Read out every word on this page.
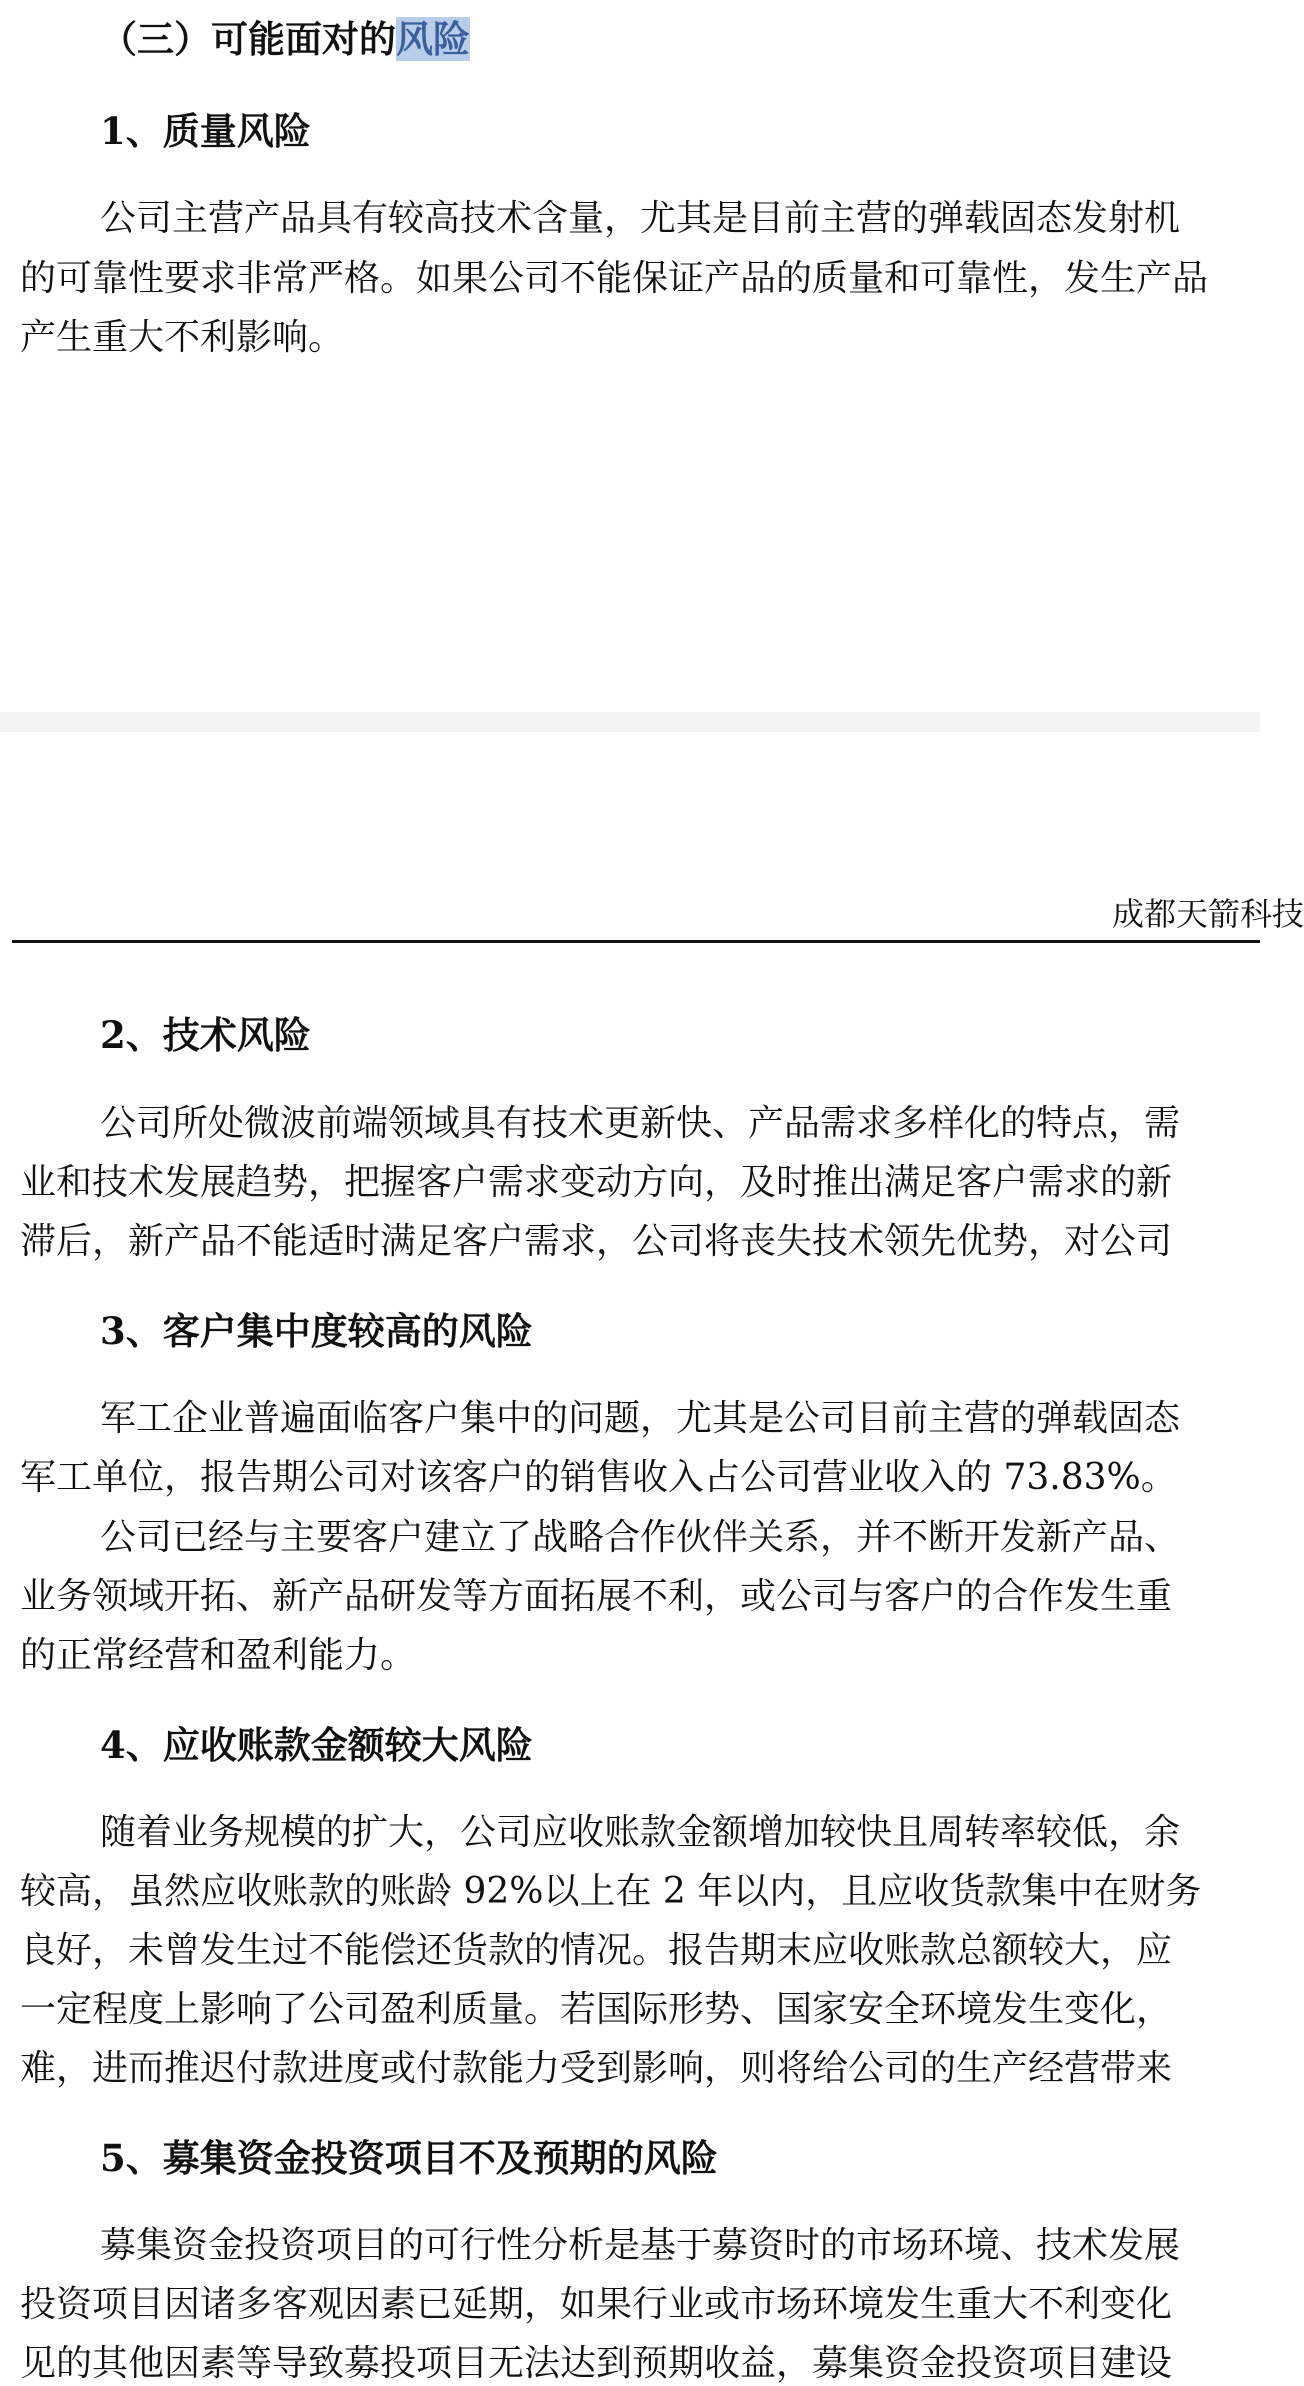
（三）可能面对的风险
1、质量风险
公司主营产品具有较高技术含量，尤其是目前主营的弹载固态发射机
的可靠性要求非常严格。如果公司不能保证产品的质量和可靠性，发生产品
产生重大不利影响。
成都天箭科技
2、技术风险
公司所处微波前端领域具有技术更新快、产品需求多样化的特点，需
业和技术发展趋势，把握客户需求变动方向，及时推出满足客户需求的新
滞后，新产品不能适时满足客户需求，公司将丧失技术领先优势，对公司
3、客户集中度较高的风险
军工企业普遍面临客户集中的问题，尤其是公司目前主营的弹载固态
军工单位，报告期公司对该客户的销售收入占公司营业收入的 73.83%。
公司已经与主要客户建立了战略合作伙伴关系，并不断开发新产品、
业务领域开拓、新产品研发等方面拓展不利，或公司与客户的合作发生重
的正常经营和盈利能力。
4、应收账款金额较大风险
随着业务规模的扩大，公司应收账款金额增加较快且周转率较低，余
较高，虽然应收账款的账龄 92%以上在 2 年以内，且应收货款集中在财务
良好，未曾发生过不能偿还货款的情况。报告期末应收账款总额较大，应
一定程度上影响了公司盈利质量。若国际形势、国家安全环境发生变化，
难，进而推迟付款进度或付款能力受到影响，则将给公司的生产经营带来
5、募集资金投资项目不及预期的风险
募集资金投资项目的可行性分析是基于募资时的市场环境、技术发展
投资项目因诸多客观因素已延期，如果行业或市场环境发生重大不利变化
见的其他因素等导致募投项目无法达到预期收益，募集资金投资项目建设
